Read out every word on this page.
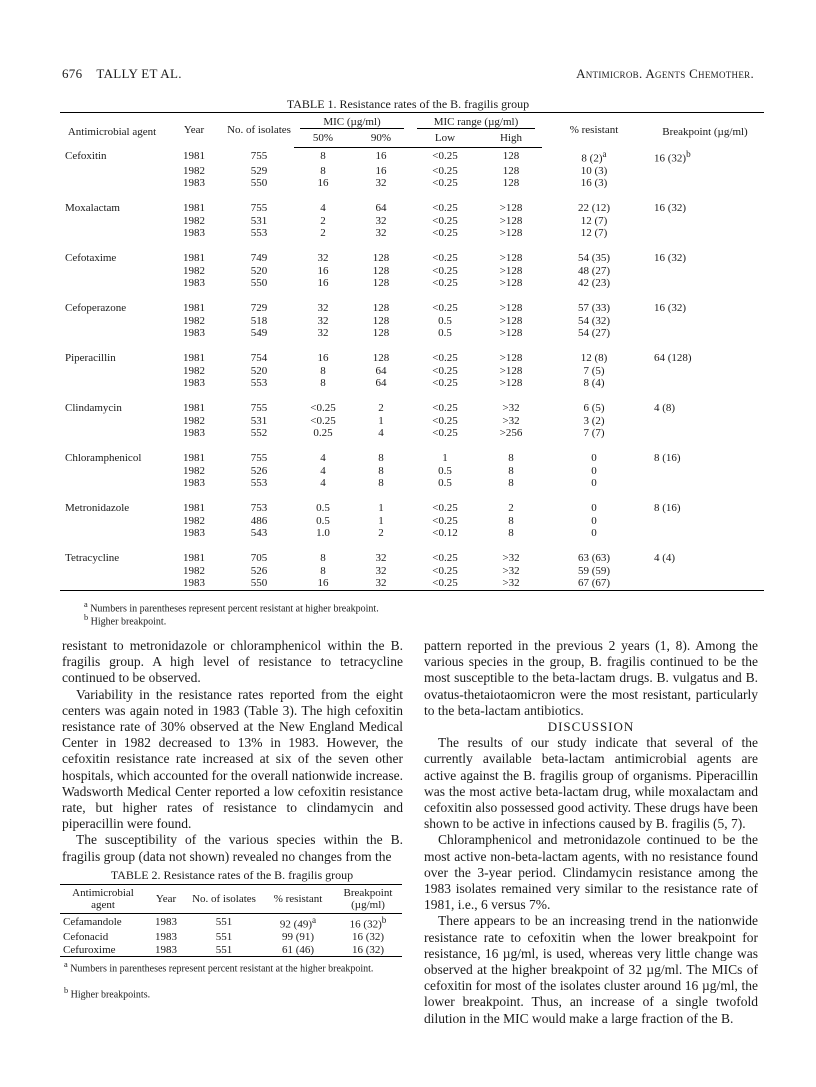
676 TALLY ET AL.	Antimicrob. Agents Chemother.
TABLE 1. Resistance rates of the B. fragilis group
Antimicrobial agent	Year	No. of isolates	MIC (µg/ml)		MIC range (µg/ml)		% resistant	Breakpoint (µg/ml)
			50%	90%	Low	High		
Cefoxitin	1981	755	8	16	<0.25	128	8 $(2)^a$	16 $(32)^b$
	1982	529	8	16	<0.25	128	10 (3)	
	1983	550	16	32	<0.25	128	16 (3)	

Moxalactam	1981	755	4	64	<0.25	>128	22 (12)	16 (32)
	1982	531	2	32	<0.25	>128	12 (7)	
	1983	553	2	32	<0.25	>128	12 (7)	

Cefotaxime	1981	749	32	128	<0.25	>128	54 (35)	16 (32)
	1982	520	16	128	<0.25	>128	48 (27)	
	1983	550	16	128	<0.25	>128	42 (23)	

Cefoperazone	1981	729	32	128	<0.25	>128	57 (33)	16 (32)
	1982	518	32	128	0.5	>128	54 (32)	
	1983	549	32	128	0.5	>128	54 (27)	

Piperacillin	1981	754	16	128	<0.25	>128	12 (8)	64 (128)
	1982	520	8	64	<0.25	>128	7 (5)	
	1983	553	8	64	<0.25	>128	8 (4)	

Clindamycin	1981	755	<0.25	2	<0.25	>32	6 (5)	4 (8)
	1982	531	<0.25	1	<0.25	>32	3 (2)	
	1983	552	0.25	4	<0.25	>256	7 (7)	

Chloramphenicol	1981	755	4	8	1	8	0	8 (16)
	1982	526	4	8	0.5	8	0	
	1983	553	4	8	0.5	8	0	

Metronidazole	1981	753	0.5	1	<0.25	2	0	8 (16)
	1982	486	0.5	1	<0.25	8	0	
	1983	543	1.0	2	<0.12	8	0	

Tetracycline	1981	705	8	32	<0.25	>32	63 (63)	4 (4)
	1982	526	8	32	<0.25	>32	59 (59)	
	1983	550	16	32	<0.25	>32	67 (67)	
$^a$ Numbers in parentheses represent percent resistant at higher breakpoint.
$^b$ Higher breakpoint.

resistant to metronidazole or chloramphenicol within the B. fragilis group. A high level of resistance to tetracycline continued to be observed.

Variability in the resistance rates reported from the eight centers was again noted in 1983 (Table 3). The high cefoxitin resistance rate of 30% observed at the New England Medical Center in 1982 decreased to 13% in 1983. However, the cefoxitin resistance rate increased at six of the seven other hospitals, which accounted for the overall nationwide increase. Wadsworth Medical Center reported a low cefoxitin resistance rate, but higher rates of resistance to clindamycin and piperacillin were found.

The susceptibility of the various species within the B. fragilis group (data not shown) revealed no changes from the

pattern reported in the previous 2 years (1, 8). Among the various species in the group, B. fragilis continued to be the most susceptible to the beta-lactam drugs. B. vulgatus and B. ovatus-thetaiotaomicron were the most resistant, particularly to the beta-lactam antibiotics.

DISCUSSION

The results of our study indicate that several of the currently available beta-lactam antimicrobial agents are active against the B. fragilis group of organisms. Piperacillin was the most active beta-lactam drug, while moxalactam and cefoxitin also possessed good activity. These drugs have been shown to be active in infections caused by B. fragilis (5, 7).

Chloramphenicol and metronidazole continued to be the most active non-beta-lactam agents, with no resistance found over the 3-year period. Clindamycin resistance among the 1983 isolates remained very similar to the resistance rate of 1981, i.e., 6 versus 7%.

There appears to be an increasing trend in the nationwide resistance rate to cefoxitin when the lower breakpoint for resistance, 16 µg/ml, is used, whereas very little change was observed at the higher breakpoint of 32 µg/ml. The MICs of cefoxitin for most of the isolates cluster around 16 µg/ml, the lower breakpoint. Thus, an increase of a single twofold dilution in the MIC would make a large fraction of the B.

TABLE 2. Resistance rates of the B. fragilis group
Antimicrobial agent	Year	No. of isolates	% resistant	Breakpoint (µg/ml)
Cefamandole	1983	551	92 $(49)^a$	16 $(32)^b$
Cefonacid	1983	551	99 (91)	16 (32)
Cefuroxime	1983	551	61 (46)	16 (32)
$^a$ Numbers in parentheses represent percent resistant at the higher breakpoint.
$^b$ Higher breakpoints.
